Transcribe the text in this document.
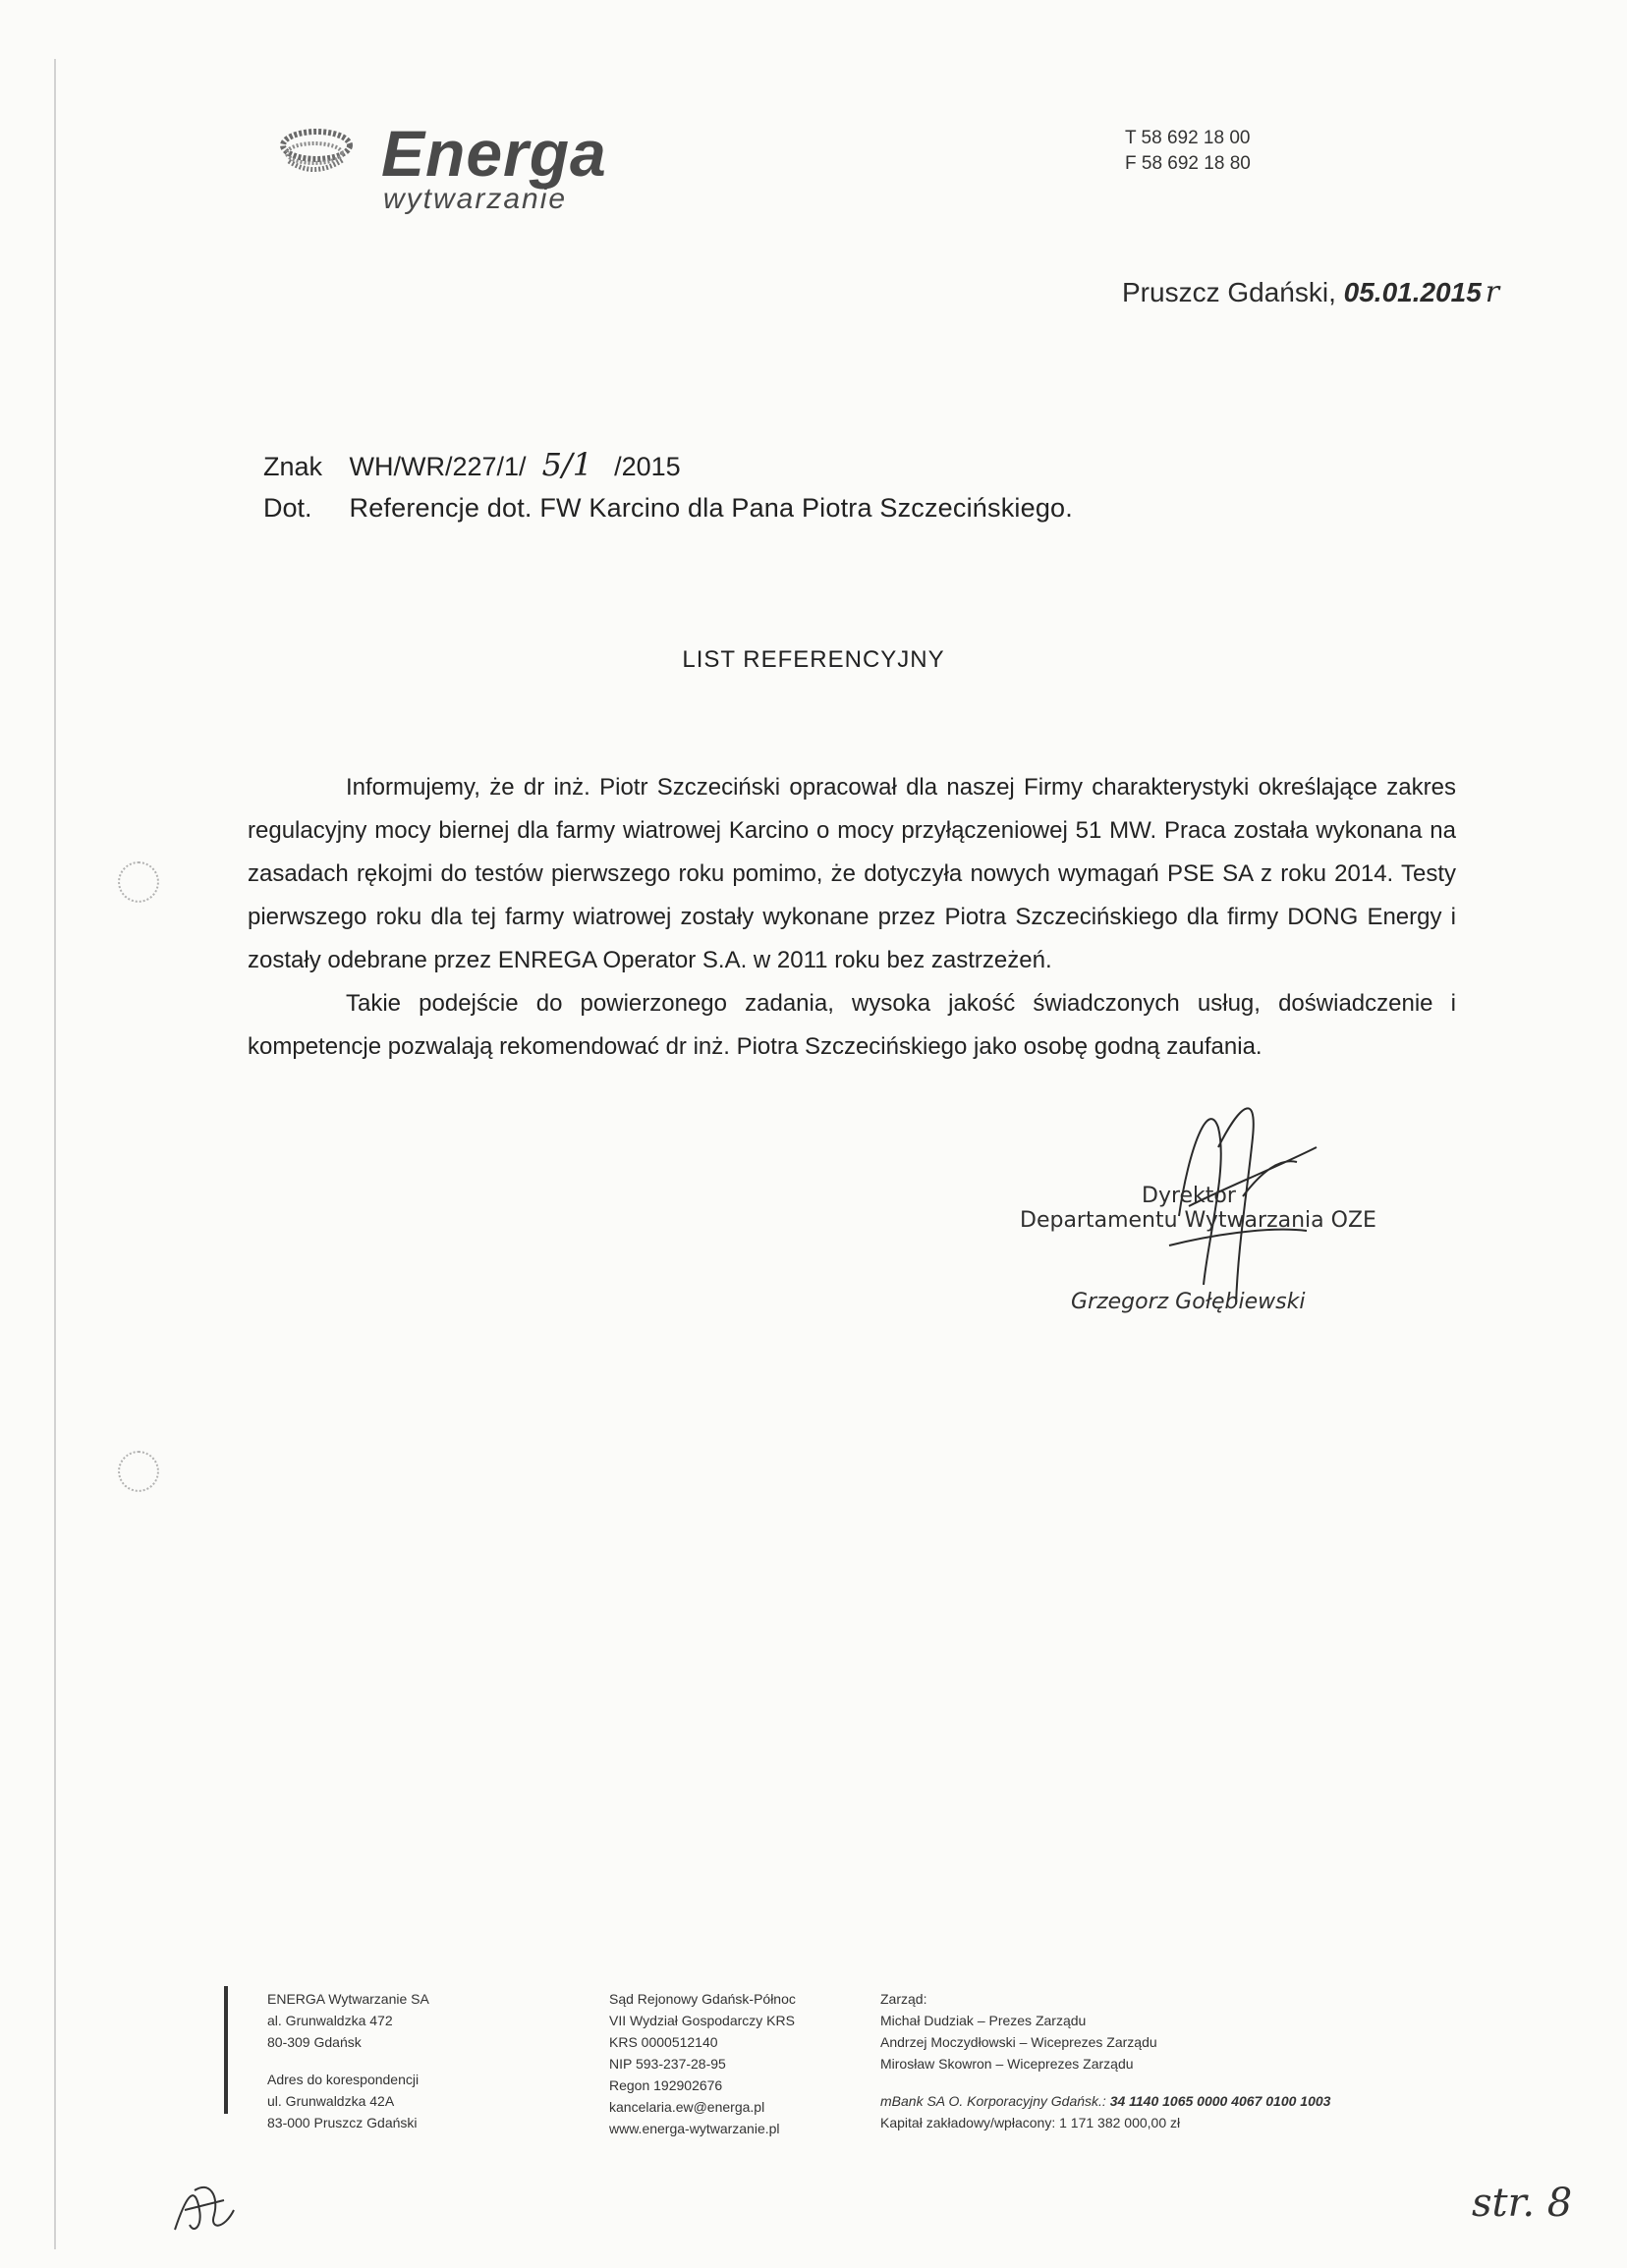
Energa
wytwarzanie
T 58 692 18 00
F 58 692 18 80
Pruszcz Gdański, 05.01.2015 r
Znak WH/WR/227/1/ 5/1 /2015
Dot. Referencje dot. FW Karcino dla Pana Piotra Szczecińskiego.
LIST REFERENCYJNY

Informujemy, że dr inż. Piotr Szczeciński opracował dla naszej Firmy charakterystyki określające zakres regulacyjny mocy biernej dla farmy wiatrowej Karcino o mocy przyłączeniowej 51 MW. Praca została wykonana na zasadach rękojmi do testów pierwszego roku pomimo, że dotyczyła nowych wymagań PSE SA z roku 2014. Testy pierwszego roku dla tej farmy wiatrowej zostały wykonane przez Piotra Szczecińskiego dla firmy DONG Energy i zostały odebrane przez ENREGA Operator S.A. w 2011 roku bez zastrzeżeń.

Takie podejście do powierzonego zadania, wysoka jakość świadczonych usług, doświadczenie i kompetencje pozwalają rekomendować dr inż. Piotra Szczecińskiego jako osobę godną zaufania.

Dyrektor
Departamentu Wytwarzania OZE
Grzegorz Gołębiewski
ENERGA Wytwarzanie SA
al. Grunwaldzka 472
80-309 Gdańsk
Adres do korespondencji
ul. Grunwaldzka 42A
83-000 Pruszcz Gdański
Sąd Rejonowy Gdańsk-Północ
VII Wydział Gospodarczy KRS
KRS 0000512140
NIP 593-237-28-95
Regon 192902676
kancelaria.ew@energa.pl
www.energa-wytwarzanie.pl
Zarząd:
Michał Dudziak – Prezes Zarządu
Andrzej Moczydłowski – Wiceprezes Zarządu
Mirosław Skowron – Wiceprezes Zarządu
mBank SA O. Korporacyjny Gdańsk.: 34 1140 1065 0000 4067 0100 1003
Kapitał zakładowy/wpłacony: 1 171 382 000,00 zł
str. 8
